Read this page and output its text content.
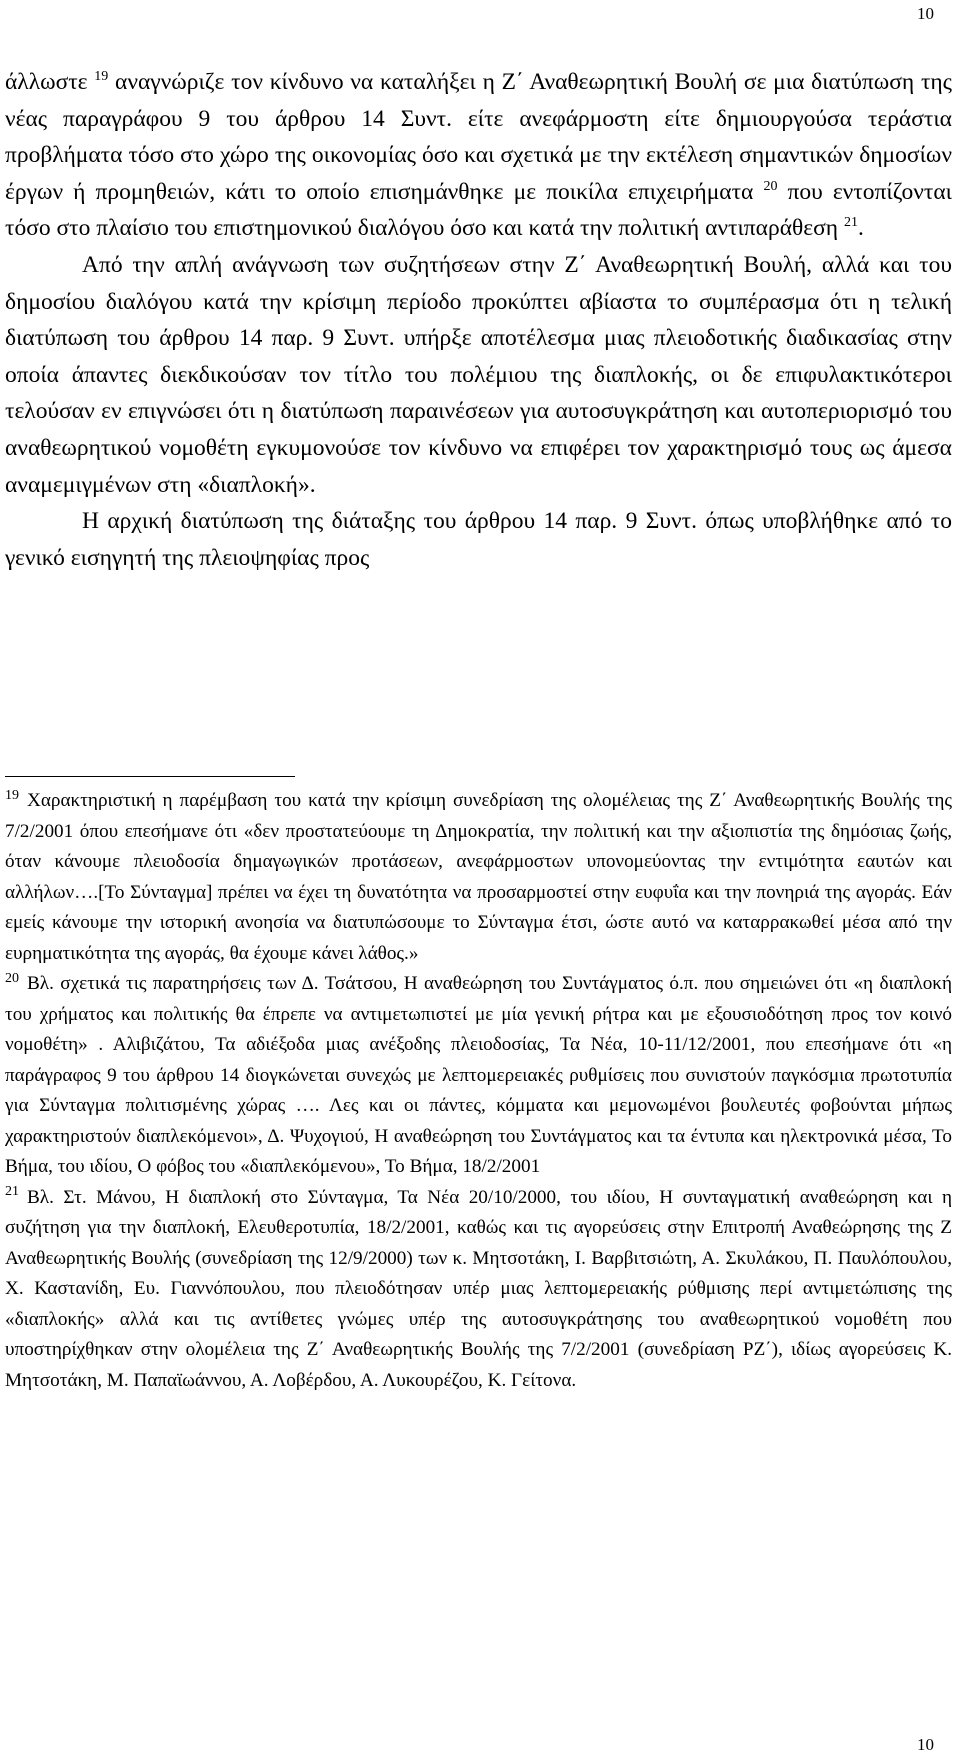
10

άλλωστε $^{19}$ αναγνώριζε τον κίνδυνο να καταλήξει η Ζ΄ Αναθεωρητική Βουλή σε μια διατύπωση της νέας παραγράφου 9 του άρθρου 14 Συντ. είτε ανεφάρμοστη είτε δημιουργούσα τεράστια προβλήματα τόσο στο χώρο της οικονομίας όσο και σχετικά με την εκτέλεση σημαντικών δημοσίων έργων ή προμηθειών, κάτι το οποίο επισημάνθηκε με ποικίλα επιχειρήματα $^{20}$ που εντοπίζονται τόσο στο πλαίσιο του επιστημονικού διαλόγου όσο και κατά την πολιτική αντιπαράθεση $^{21}$.

Από την απλή ανάγνωση των συζητήσεων στην Ζ΄ Αναθεωρητική Βουλή, αλλά και του δημοσίου διαλόγου κατά την κρίσιμη περίοδο προκύπτει αβίαστα το συμπέρασμα ότι η τελική διατύπωση του άρθρου 14 παρ. 9 Συντ. υπήρξε αποτέλεσμα μιας πλειοδοτικής διαδικασίας στην οποία άπαντες διεκδικούσαν τον τίτλο του πολέμιου της διαπλοκής, οι δε επιφυλακτικότεροι τελούσαν εν επιγνώσει ότι η διατύπωση παραινέσεων για αυτοσυγκράτηση και αυτοπεριορισμό του αναθεωρητικού νομοθέτη εγκυμονούσε τον κίνδυνο να επιφέρει τον χαρακτηρισμό τους ως άμεσα αναμεμιγμένων στη «διαπλοκή».

Η αρχική διατύπωση της διάταξης του άρθρου 14 παρ. 9 Συντ. όπως υποβλήθηκε από το γενικό εισηγητή της πλειοψηφίας προς

$^{19}$ Χαρακτηριστική η παρέμβαση του κατά την κρίσιμη συνεδρίαση της ολομέλειας της Ζ΄ Αναθεωρητικής Βουλής της 7/2/2001 όπου επεσήμανε ότι «δεν προστατεύουμε τη Δημοκρατία, την πολιτική και την αξιοπιστία της δημόσιας ζωής, όταν κάνουμε πλειοδοσία δημαγωγικών προτάσεων, ανεφάρμοστων υπονομεύοντας την εντιμότητα εαυτών και αλλήλων….[Το Σύνταγμα] πρέπει να έχει τη δυνατότητα να προσαρμοστεί στην ευφυΐα και την πονηριά της αγοράς. Εάν εμείς κάνουμε την ιστορική ανοησία να διατυπώσουμε το Σύνταγμα έτσι, ώστε αυτό να καταρρακωθεί μέσα από την ευρηματικότητα της αγοράς, θα έχουμε κάνει λάθος.»

$^{20}$ Βλ. σχετικά τις παρατηρήσεις των Δ. Τσάτσου, Η αναθεώρηση του Συντάγματος ό.π. που σημειώνει ότι «η διαπλοκή του χρήματος και πολιτικής θα έπρεπε να αντιμετωπιστεί με μία γενική ρήτρα και με εξουσιοδότηση προς τον κοινό νομοθέτη» . Αλιβιζάτου, Τα αδιέξοδα μιας ανέξοδης πλειοδοσίας, Τα Νέα, 10-11/12/2001, που επεσήμανε ότι «η παράγραφος 9 του άρθρου 14 διογκώνεται συνεχώς με λεπτομερειακές ρυθμίσεις που συνιστούν παγκόσμια πρωτοτυπία για Σύνταγμα πολιτισμένης χώρας …. Λες και οι πάντες, κόμματα και μεμονωμένοι βουλευτές φοβούνται μήπως χαρακτηριστούν διαπλεκόμενοι», Δ. Ψυχογιού, Η αναθεώρηση του Συντάγματος και τα έντυπα και ηλεκτρονικά μέσα, Το Βήμα, του ιδίου, Ο φόβος του «διαπλεκόμενου», Το Βήμα, 18/2/2001

$^{21}$ Βλ. Στ. Μάνου, Η διαπλοκή στο Σύνταγμα, Τα Νέα 20/10/2000, του ιδίου, Η συνταγματική αναθεώρηση και η συζήτηση για την διαπλοκή, Ελευθεροτυπία, 18/2/2001, καθώς και τις αγορεύσεις στην Επιτροπή Αναθεώρησης της Ζ Αναθεωρητικής Βουλής (συνεδρίαση της 12/9/2000) των κ. Μητσοτάκη, Ι. Βαρβιτσιώτη, Α. Σκυλάκου, Π. Παυλόπουλου, Χ. Καστανίδη, Ευ. Γιαννόπουλου, που πλειοδότησαν υπέρ μιας λεπτομερειακής ρύθμισης περί αντιμετώπισης της «διαπλοκής» αλλά και τις αντίθετες γνώμες υπέρ της αυτοσυγκράτησης του αναθεωρητικού νομοθέτη που υποστηρίχθηκαν στην ολομέλεια της Ζ΄ Αναθεωρητικής Βουλής της 7/2/2001 (συνεδρίαση ΡΖ΄), ιδίως αγορεύσεις Κ. Μητσοτάκη, Μ. Παπαϊωάννου, Α. Λοβέρδου, Α. Λυκουρέζου, Κ. Γείτονα.

10
